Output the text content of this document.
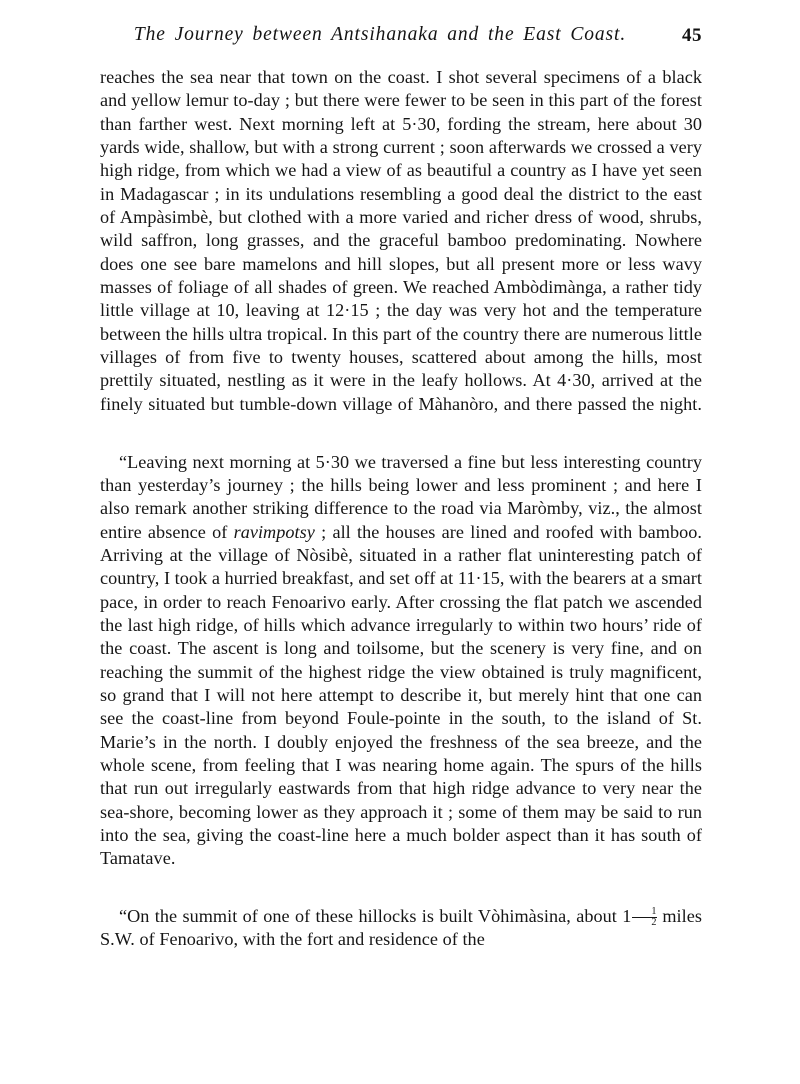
The Journey between Antsihanaka and the East Coast.	45

reaches the sea near that town on the coast. I shot several specimens of a black and yellow lemur to-day ; but there were fewer to be seen in this part of the forest than farther west. Next morning left at 5·30, fording the stream, here about 30 yards wide, shallow, but with a strong current ; soon afterwards we crossed a very high ridge, from which we had a view of as beautiful a country as I have yet seen in Madagascar ; in its undulations resembling a good deal the district to the east of Ampàsimbè, but clothed with a more varied and richer dress of wood, shrubs, wild saffron, long grasses, and the graceful bamboo predominating. Nowhere does one see bare mamelons and hill slopes, but all present more or less wavy masses of foliage of all shades of green. We reached Ambòdimànga, a rather tidy little village at 10, leaving at 12·15 ; the day was very hot and the temperature between the hills ultra tropical. In this part of the country there are numerous little villages of from five to twenty houses, scattered about among the hills, most prettily situated, nestling as it were in the leafy hollows. At 4·30, arrived at the finely situated but tumble-down village of Màhanòro, and there passed the night.

“Leaving next morning at 5·30 we traversed a fine but less interesting country than yesterday’s journey ; the hills being lower and less prominent ; and here I also remark another striking difference to the road via Maròmby, viz., the almost entire absence of ravimpotsy ; all the houses are lined and roofed with bamboo. Arriving at the village of Nòsibè, situated in a rather flat uninteresting patch of country, I took a hurried breakfast, and set off at 11·15, with the bearers at a smart pace, in order to reach Fenoarivo early. After crossing the flat patch we ascended the last high ridge, of hills which advance irregularly to within two hours’ ride of the coast. The ascent is long and toilsome, but the scenery is very fine, and on reaching the summit of the highest ridge the view obtained is truly magnificent, so grand that I will not here attempt to describe it, but merely hint that one can see the coast-line from beyond Foule-pointe in the south, to the island of St. Marie’s in the north. I doubly enjoyed the freshness of the sea breeze, and the whole scene, from feeling that I was nearing home again. The spurs of the hills that run out irregularly eastwards from that high ridge advance to very near the sea-shore, becoming lower as they approach it ; some of them may be said to run into the sea, giving the coast-line here a much bolder aspect than it has south of Tamatave.

“On the summit of one of these hillocks is built Vòhimàsina, about $1 \frac{1}{2}$ miles S.W. of Fenoarivo, with the fort and residence of the
